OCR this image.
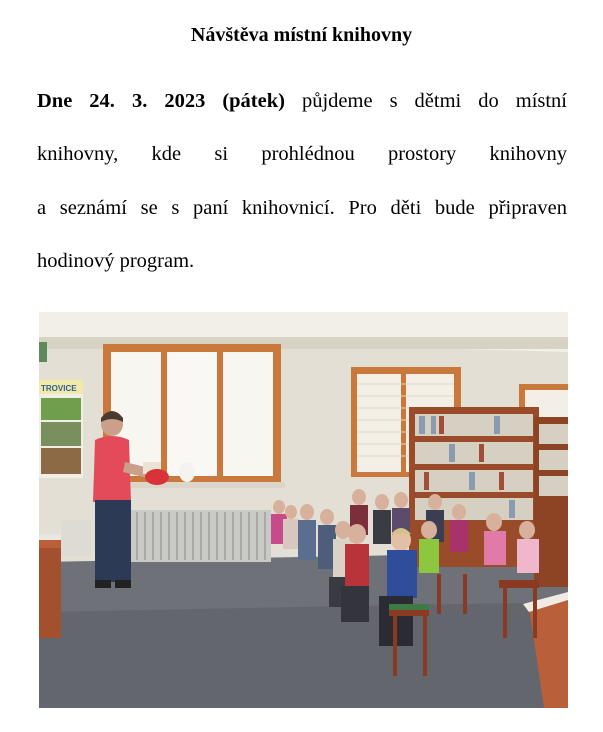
Návštěva místní knihovny
Dne 24. 3. 2023 (pátek) půjdeme s dětmi do místní
knihovny, kde si prohlédnou prostory knihovny
a seznámí se s paní knihovnicí. Pro děti bude připraven
hodinový program.
TROVICE
